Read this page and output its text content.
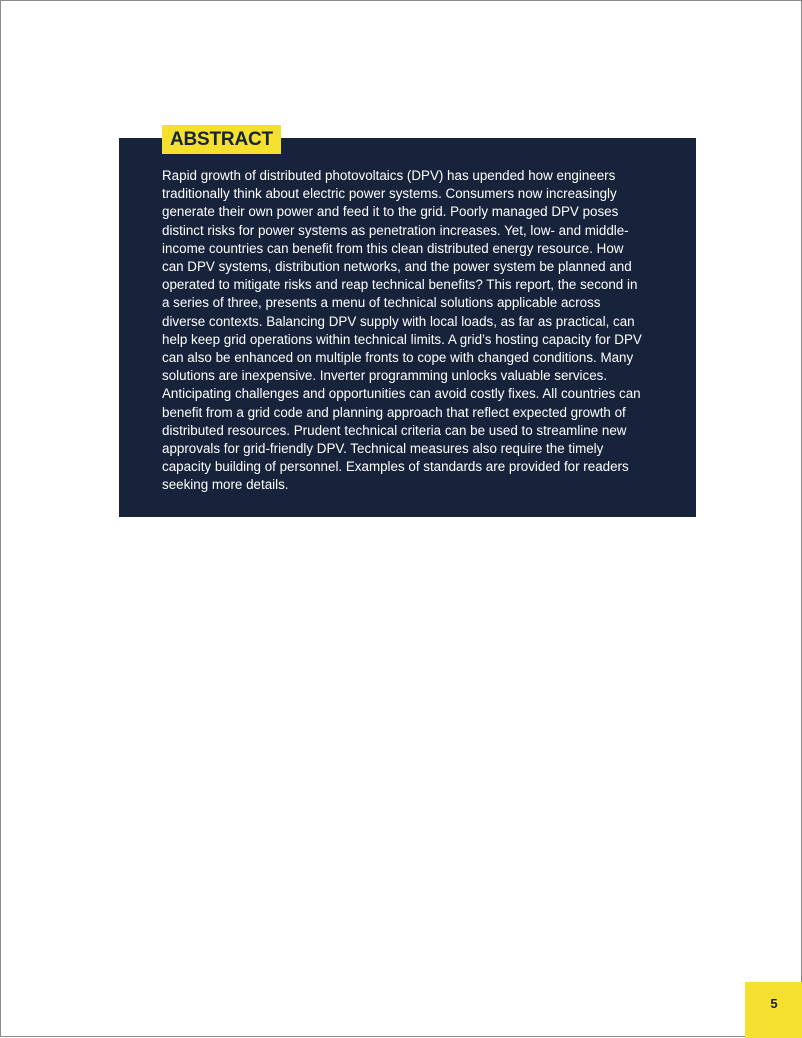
ABSTRACT

Rapid growth of distributed photovoltaics (DPV) has upended how engineers traditionally think about electric power systems. Consumers now increasingly generate their own power and feed it to the grid. Poorly managed DPV poses distinct risks for power systems as penetration increases. Yet, low- and middle-income countries can benefit from this clean distributed energy resource. How can DPV systems, distribution networks, and the power system be planned and operated to mitigate risks and reap technical benefits? This report, the second in a series of three, presents a menu of technical solutions applicable across diverse contexts. Balancing DPV supply with local loads, as far as practical, can help keep grid operations within technical limits. A grid’s hosting capacity for DPV can also be enhanced on multiple fronts to cope with changed conditions. Many solutions are inexpensive. Inverter programming unlocks valuable services. Anticipating challenges and opportunities can avoid costly fixes. All countries can benefit from a grid code and planning approach that reflect expected growth of distributed resources. Prudent technical criteria can be used to streamline new approvals for grid-friendly DPV. Technical measures also require the timely capacity building of personnel. Examples of standards are provided for readers seeking more details.

5
